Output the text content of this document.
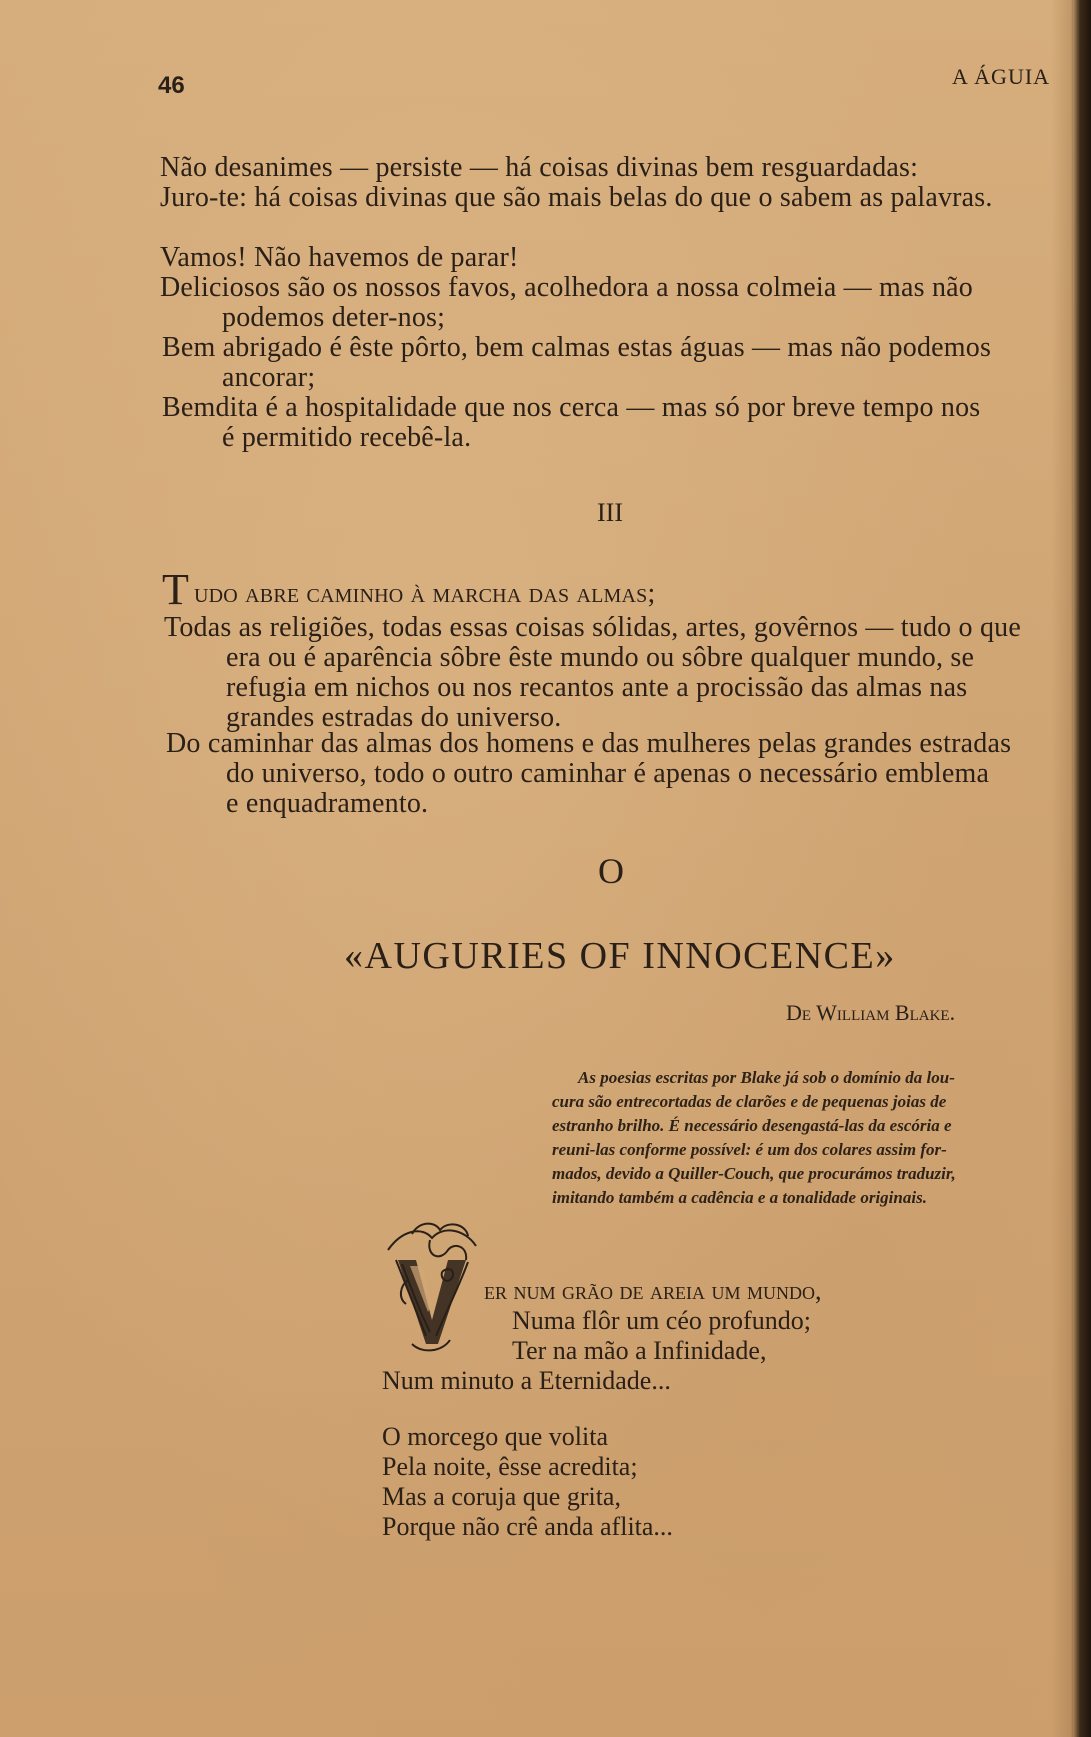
46	A ÁGUIA
Não desanimes — persiste — há coisas divinas bem resguardadas:
Juro-te: há coisas divinas que são mais belas do que o sabem as palavras.
Vamos! Não havemos de parar!
Deliciosos são os nossos favos, acolhedora a nossa colmeia — mas não
podemos deter-nos;
Bem abrigado é êste pôrto, bem calmas estas águas — mas não podemos
ancorar;
Bemdita é a hospitalidade que nos cerca — mas só por breve tempo nos
é permitido recebê-la.
III
T udo abre caminho à marcha das almas;
Todas as religiões, todas essas coisas sólidas, artes, govêrnos — tudo o que
era ou é aparência sôbre êste mundo ou sôbre qualquer mundo, se
refugia em nichos ou nos recantos ante a procissão das almas nas
grandes estradas do universo.
Do caminhar das almas dos homens e das mulheres pelas grandes estradas
do universo, todo o outro caminhar é apenas o necessário emblema
e enquadramento.
O
«AUGURIES OF INNOCENCE»
De William Blake.
As poesias escritas por Blake já sob o domínio da lou-
cura são entrecortadas de clarões e de pequenas joias de
estranho brilho. É necessário desengastá-las da escória e
reuni-las conforme possível: é um dos colares assim for-
mados, devido a Quiller-Couch, que procurámos traduzir,
imitando também a cadência e a tonalidade originais.
er num grão de areia um mundo,
Numa flôr um céo profundo;
Ter na mão a Infinidade,
Num minuto a Eternidade...
O morcego que volita
Pela noite, êsse acredita;
Mas a coruja que grita,
Porque não crê anda aflita...
